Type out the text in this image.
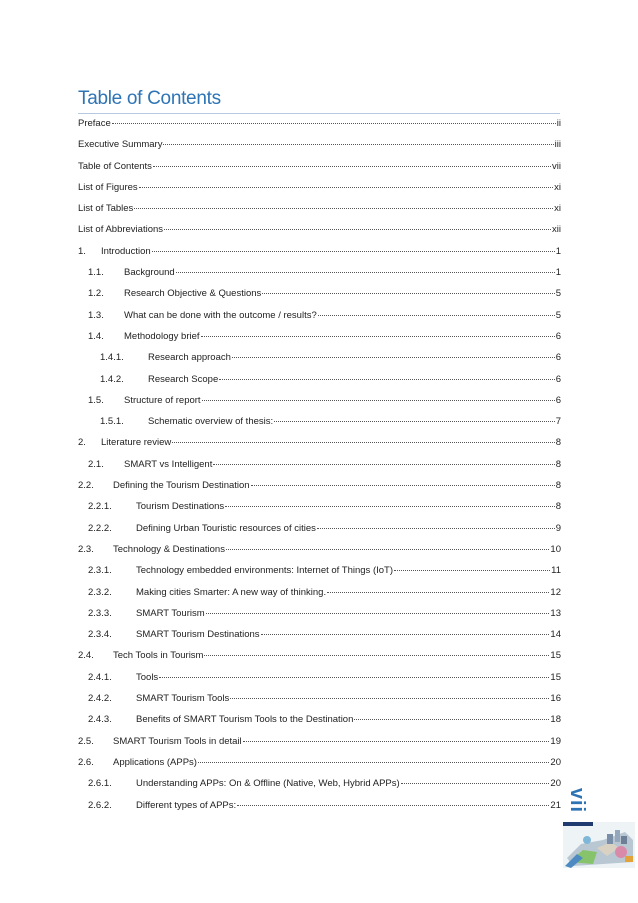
Table of Contents
Preface	ii
Executive Summary	iii
Table of Contents	vii
List of Figures	xi
List of Tables	xi
List of Abbreviations	xii
1.	Introduction	1
1.1.	Background	1
1.2.	Research Objective & Questions	5
1.3.	What can be done with the outcome / results?	5
1.4.	Methodology brief	6
1.4.1.	Research approach	6
1.4.2.	Research Scope	6
1.5.	Structure of report	6
1.5.1.	Schematic overview of thesis:	7
2.	Literature review	8
2.1.	SMART vs Intelligent	8
2.2.	Defining the Tourism Destination	8
2.2.1.	Tourism Destinations	8
2.2.2.	Defining Urban Touristic resources of cities	9
2.3.	Technology & Destinations	10
2.3.1.	Technology embedded environments: Internet of Things (IoT)	11
2.3.2.	Making cities Smarter: A new way of thinking.	12
2.3.3.	SMART Tourism	13
2.3.4.	SMART Tourism Destinations	14
2.4.	Tech Tools in Tourism	15
2.4.1.	Tools	15
2.4.2.	SMART Tourism Tools	16
2.4.3.	Benefits of SMART Tourism Tools to the Destination	18
2.5.	SMART Tourism Tools in detail	19
2.6.	Applications (APPs)	20
2.6.1.	Understanding APPs: On & Offline (Native, Web, Hybrid APPs)	20
2.6.2.	Different types of APPs:	21 vii
